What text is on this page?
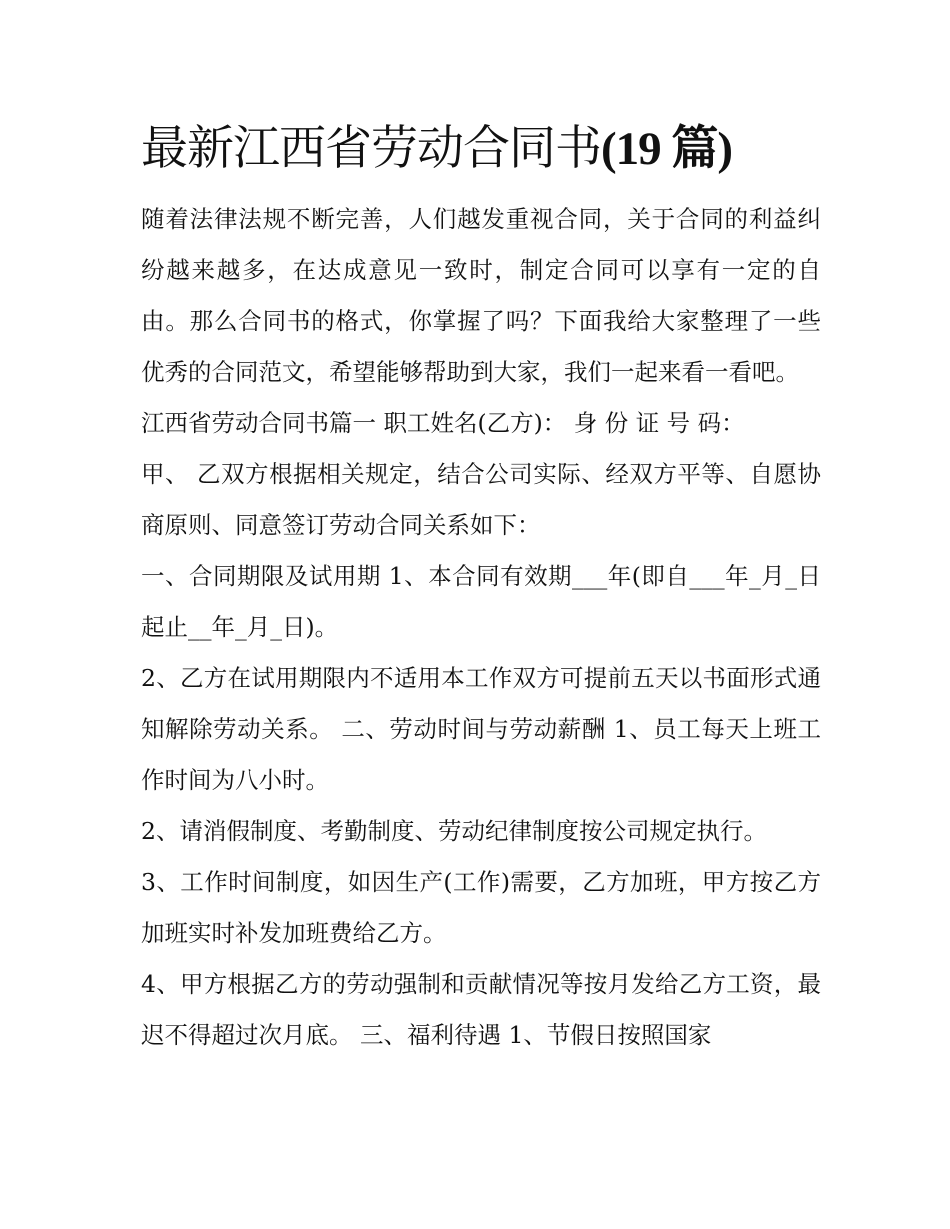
最新江西省劳动合同书(19 篇)

随着法律法规不断完善，人们越发重视合同，关于合同的利益纠纷越来越多，在达成意见一致时，制定合同可以享有一定的自由。那么合同书的格式，你掌握了吗？下面我给大家整理了一些优秀的合同范文，希望能够帮助到大家，我们一起来看一看吧。

江西省劳动合同书篇一 职工姓名(乙方)： 身 份 证 号 码：

甲、 乙双方根据相关规定，结合公司实际、经双方平等、自愿协商原则、同意签订劳动合同关系如下：

一、合同期限及试用期 1、本合同有效期___年(即自___年_月_日起止__年_月_日)。

2、乙方在试用期限内不适用本工作双方可提前五天以书面形式通知解除劳动关系。 二、劳动时间与劳动薪酬 1、员工每天上班工作时间为八小时。

2、请消假制度、考勤制度、劳动纪律制度按公司规定执行。

3、工作时间制度，如因生产(工作)需要，乙方加班，甲方按乙方加班实时补发加班费给乙方。

4、甲方根据乙方的劳动强制和贡献情况等按月发给乙方工资，最迟不得超过次月底。 三、福利待遇 1、节假日按照国家
